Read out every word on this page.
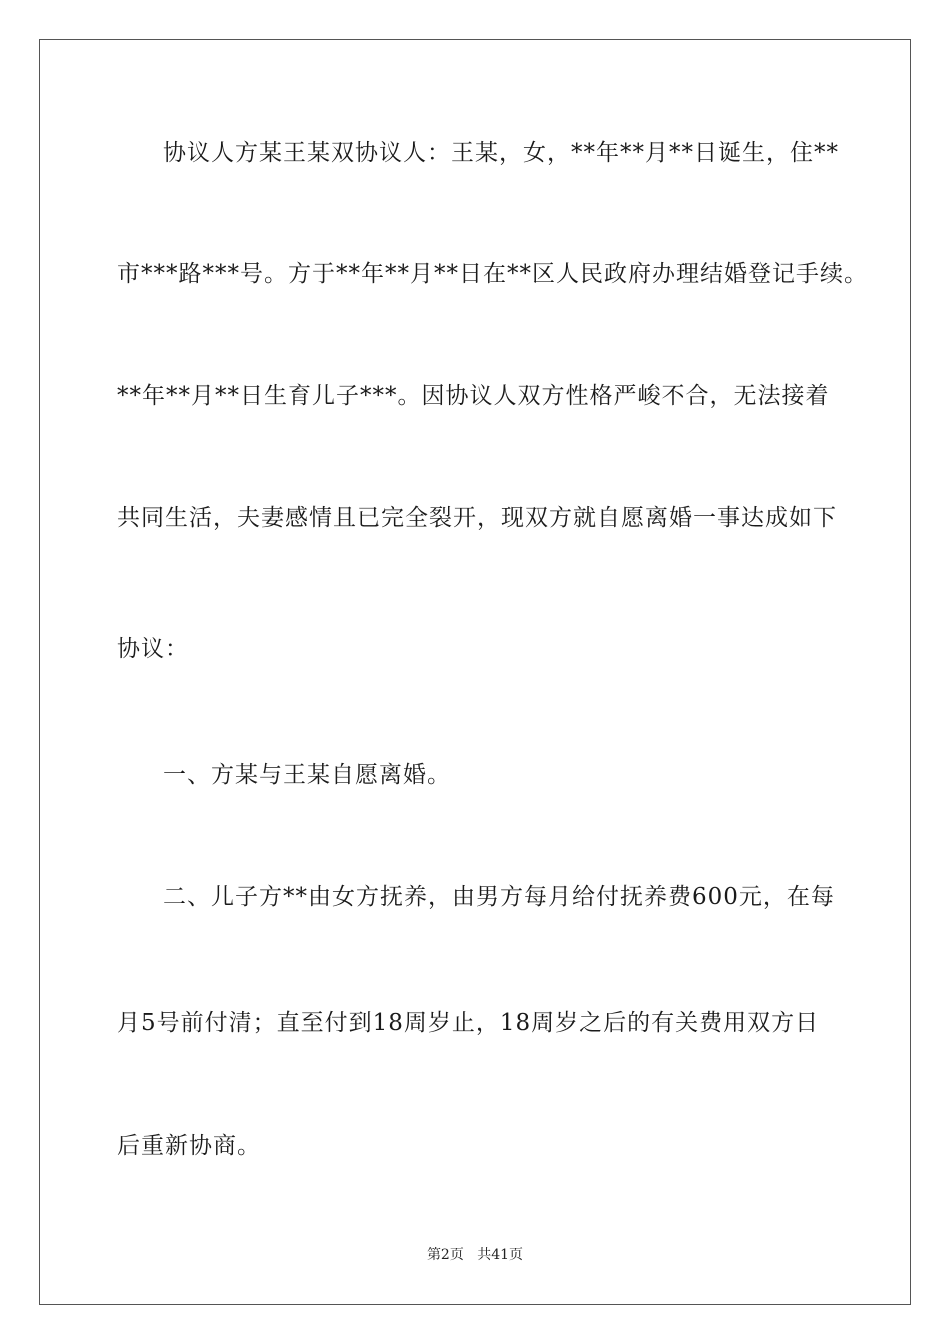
协议人方某王某双协议人：王某，女，**年**月**日诞生，住**
市***路***号。方于**年**月**日在**区人民政府办理结婚登记手续。
**年**月**日生育儿子***。因协议人双方性格严峻不合，无法接着
共同生活，夫妻感情且已完全裂开，现双方就自愿离婚一事达成如下
协议：
一、方某与王某自愿离婚。
二、儿子方**由女方抚养，由男方每月给付抚养费600元，在每
月5号前付清；直至付到18周岁止，18周岁之后的有关费用双方日
后重新协商。
第2页 共41页
